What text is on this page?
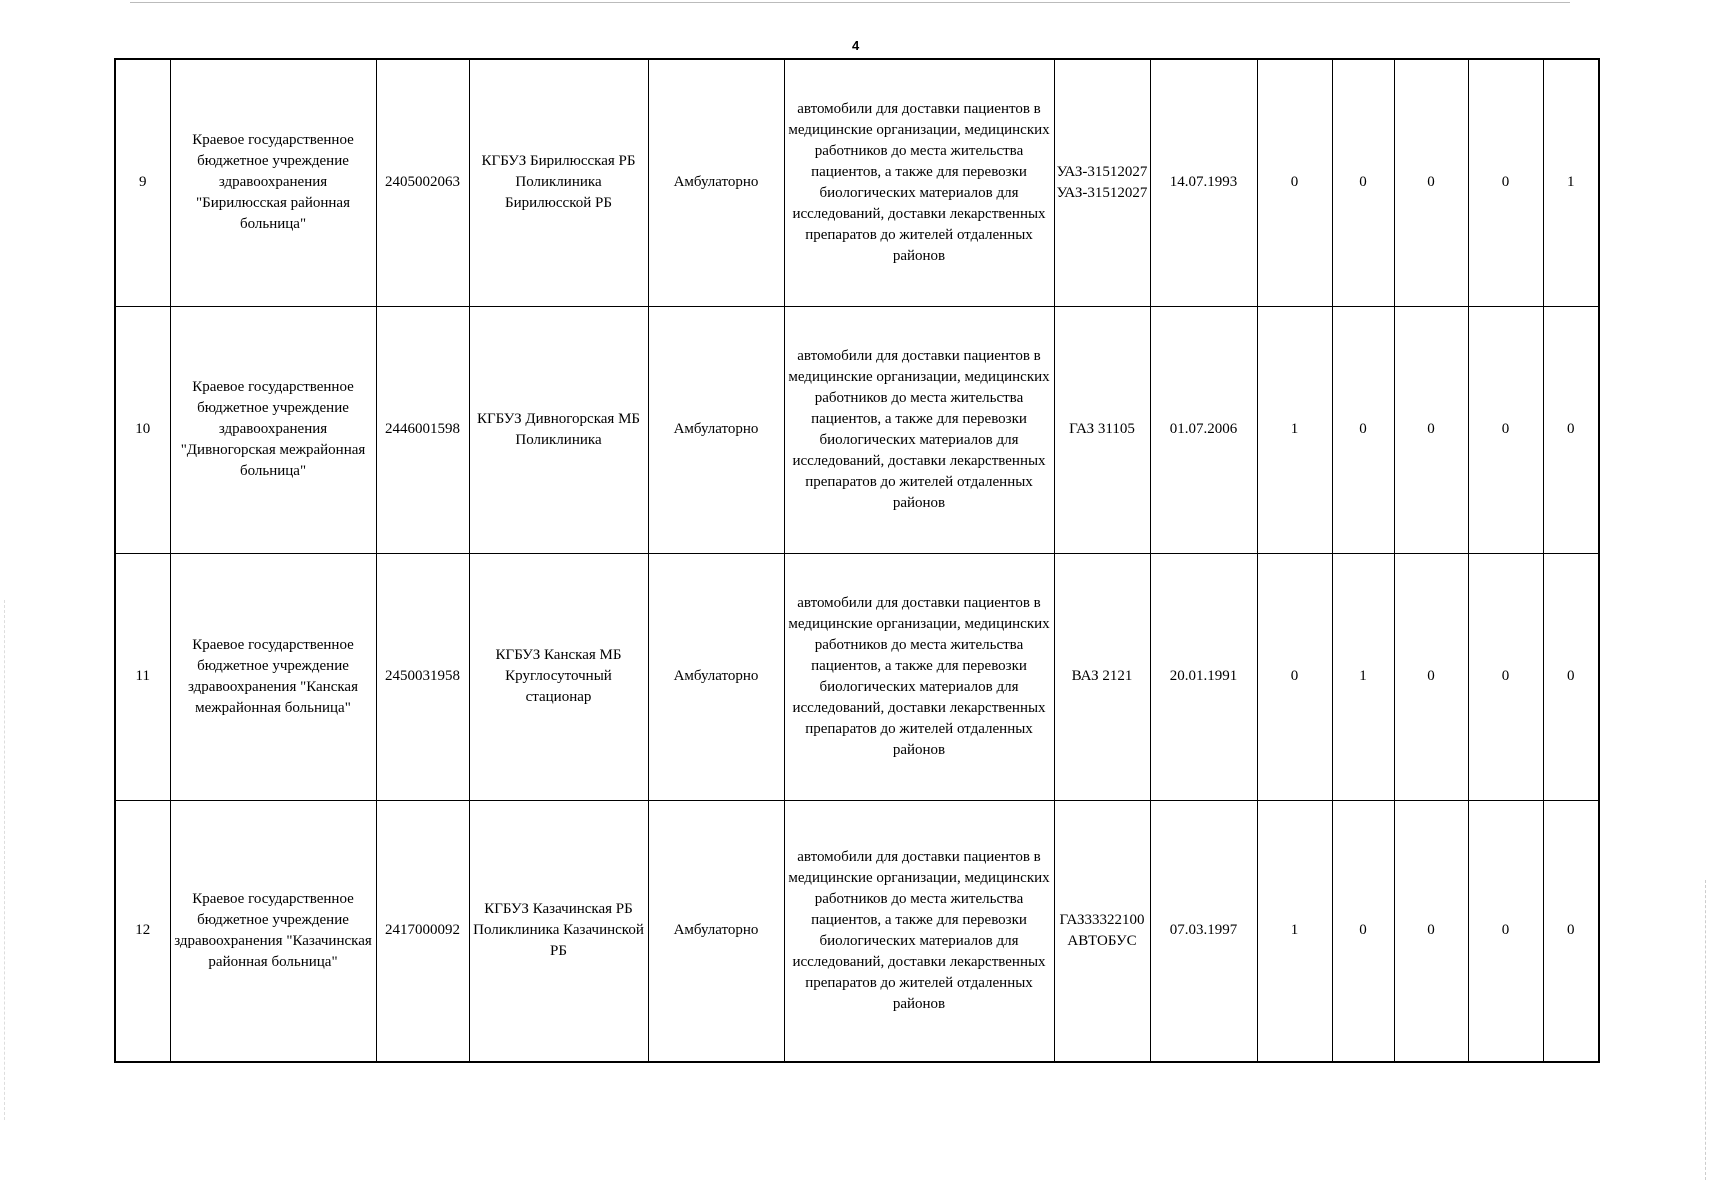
4
9	Краевое государственное бюджетное учреждение здравоохранения "Бирилюсская районная больница"	2405002063	КГБУЗ Бирилюсская РБ Поликлиника Бирилюсской РБ	Амбулаторно	автомобили для доставки пациентов в медицинские организации, медицинских работников до места жительства пациентов, а также для перевозки биологических материалов для исследований, доставки лекарственных препаратов до жителей отдаленных районов	УАЗ-31512027 УАЗ-31512027	14.07.1993	0	0	0	0	1
10	Краевое государственное бюджетное учреждение здравоохранения "Дивногорская межрайонная больница"	2446001598	КГБУЗ Дивногорская МБ Поликлиника	Амбулаторно	автомобили для доставки пациентов в медицинские организации, медицинских работников до места жительства пациентов, а также для перевозки биологических материалов для исследований, доставки лекарственных препаратов до жителей отдаленных районов	ГАЗ 31105	01.07.2006	1	0	0	0	0
11	Краевое государственное бюджетное учреждение здравоохранения "Канская межрайонная больница"	2450031958	КГБУЗ Канская МБ Круглосуточный стационар	Амбулаторно	автомобили для доставки пациентов в медицинские организации, медицинских работников до места жительства пациентов, а также для перевозки биологических материалов для исследований, доставки лекарственных препаратов до жителей отдаленных районов	ВАЗ 2121	20.01.1991	0	1	0	0	0
12	Краевое государственное бюджетное учреждение здравоохранения "Казачинская районная больница"	2417000092	КГБУЗ Казачинская РБ Поликлиника Казачинской РБ	Амбулаторно	автомобили для доставки пациентов в медицинские организации, медицинских работников до места жительства пациентов, а также для перевозки биологических материалов для исследований, доставки лекарственных препаратов до жителей отдаленных районов	ГАЗ33322100 АВТОБУС	07.03.1997	1	0	0	0	0
